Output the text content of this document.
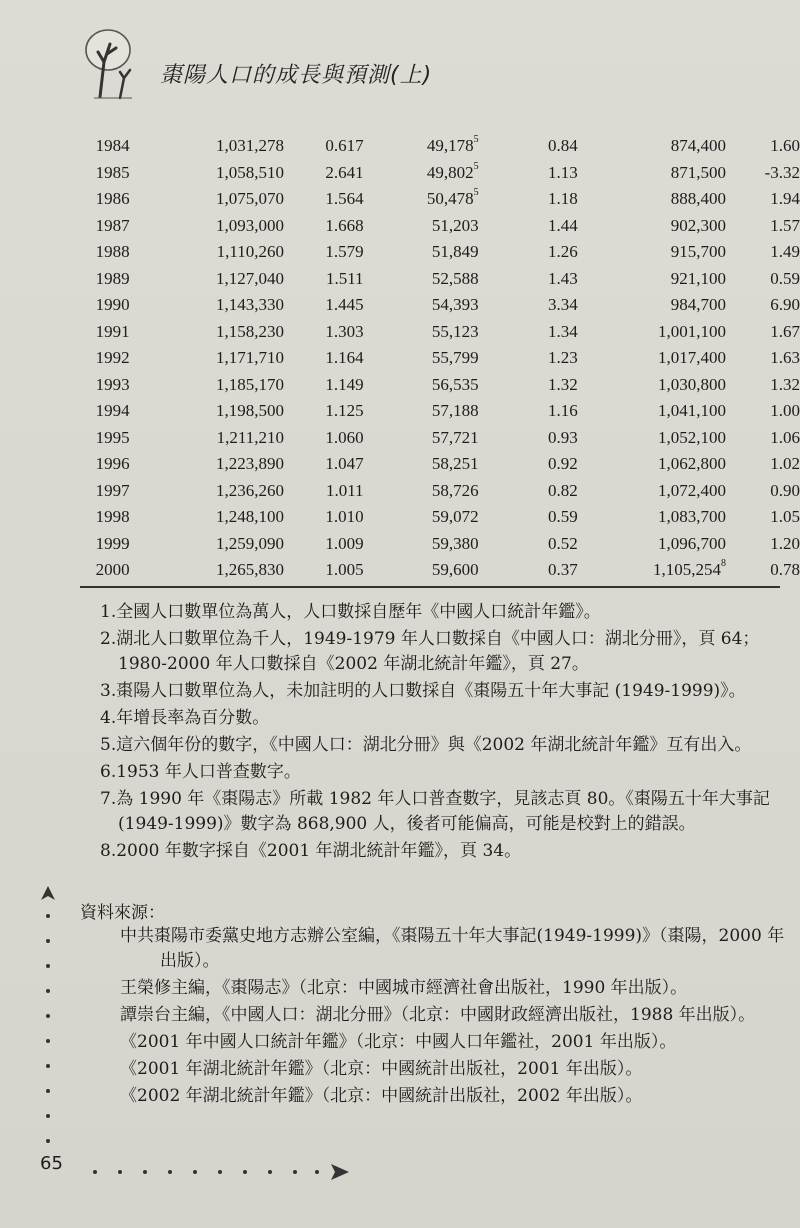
棗陽人口的成長與預測(上)
1984	1,031,278	0.617	49,178$^5$	0.84	874,400	1.60
1985	1,058,510	2.641	49,802$^5$	1.13	871,500	-3.32
1986	1,075,070	1.564	50,478$^5$	1.18	888,400	1.94
1987	1,093,000	1.668	51,203	1.44	902,300	1.57
1988	1,110,260	1.579	51,849	1.26	915,700	1.49
1989	1,127,040	1.511	52,588	1.43	921,100	0.59
1990	1,143,330	1.445	54,393	3.34	984,700	6.90
1991	1,158,230	1.303	55,123	1.34	1,001,100	1.67
1992	1,171,710	1.164	55,799	1.23	1,017,400	1.63
1993	1,185,170	1.149	56,535	1.32	1,030,800	1.32
1994	1,198,500	1.125	57,188	1.16	1,041,100	1.00
1995	1,211,210	1.060	57,721	0.93	1,052,100	1.06
1996	1,223,890	1.047	58,251	0.92	1,062,800	1.02
1997	1,236,260	1.011	58,726	0.82	1,072,400	0.90
1998	1,248,100	1.010	59,072	0.59	1,083,700	1.05
1999	1,259,090	1.009	59,380	0.52	1,096,700	1.20
2000	1,265,830	1.005	59,600	0.37	1,105,254$^8$	0.78

1.全國人口數單位為萬人，人口數採自歷年《中國人口統計年鑑》。

2.湖北人口數單位為千人，1949-1979 年人口數採自《中國人口：湖北分冊》，頁 64；1980-2000 年人口數採自《2002 年湖北統計年鑑》，頁 27。

3.棗陽人口數單位為人，未加註明的人口數採自《棗陽五十年大事記 (1949-1999)》。

4.年增長率為百分數。

5.這六個年份的數字，《中國人口：湖北分冊》與《2002 年湖北統計年鑑》互有出入。

6.1953 年人口普查數字。

7.為 1990 年《棗陽志》所載 1982 年人口普查數字，見該志頁 80。《棗陽五十年大事記(1949-1999)》數字為 868,900 人，後者可能偏高，可能是校對上的錯誤。

8.2000 年數字採自《2001 年湖北統計年鑑》，頁 34。

資料來源：

中共棗陽市委黨史地方志辦公室編，《棗陽五十年大事記(1949-1999)》（棗陽，2000 年出版）。

王榮修主編，《棗陽志》（北京：中國城市經濟社會出版社，1990 年出版）。

譚崇台主編，《中國人口：湖北分冊》（北京：中國財政經濟出版社，1988 年出版）。

《2001 年中國人口統計年鑑》（北京：中國人口年鑑社，2001 年出版）。

《2001 年湖北統計年鑑》（北京：中國統計出版社，2001 年出版）。

《2002 年湖北統計年鑑》（北京：中國統計出版社，2002 年出版）。

65
